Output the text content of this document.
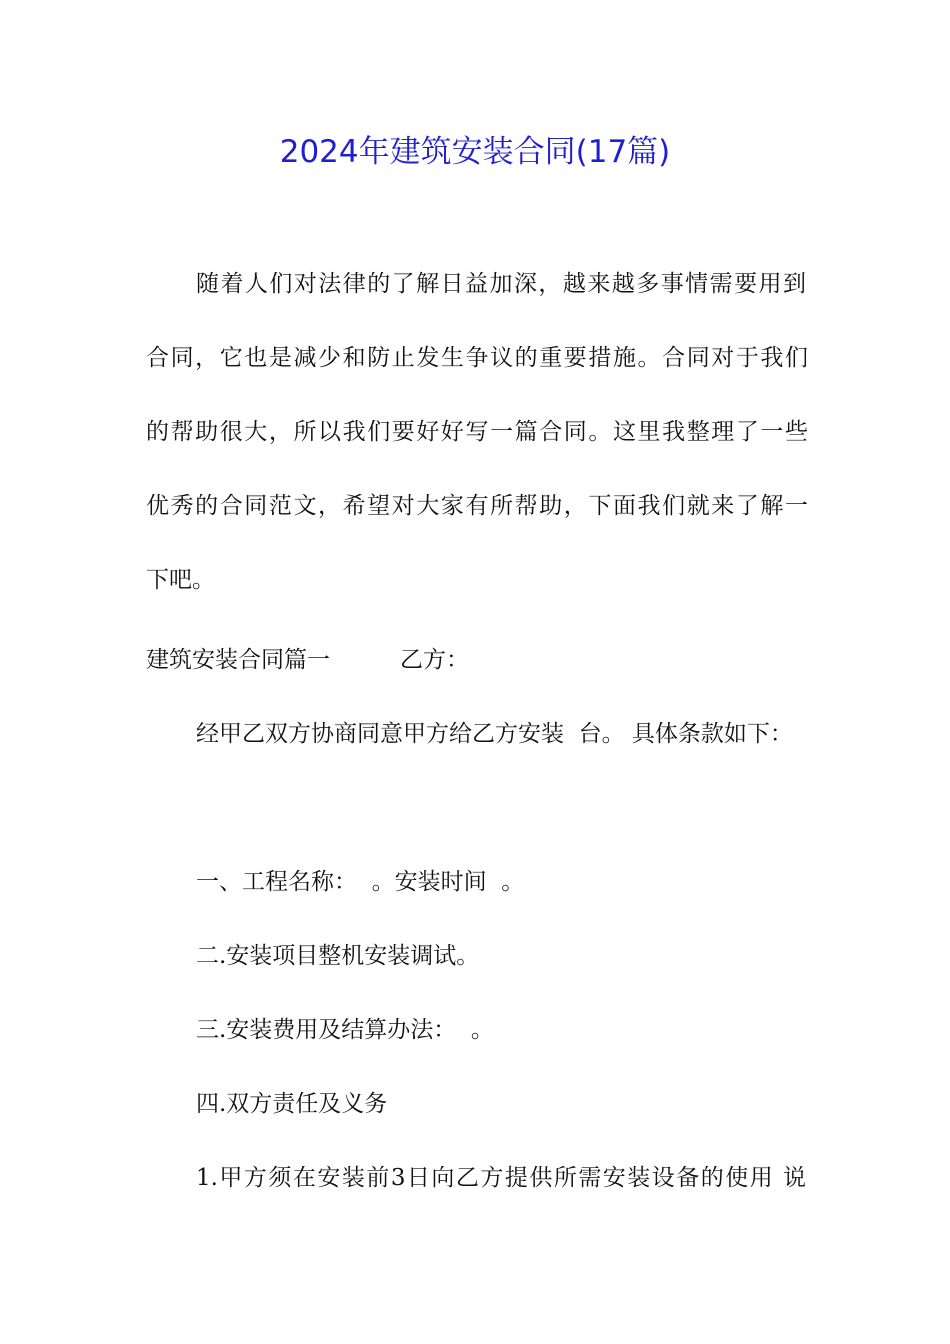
2024年建筑安装合同(17篇)

随着人们对法律的了解日益加深，越来越多事情需要用到

合同，它也是减少和防止发生争议的重要措施。合同对于我们

的帮助很大，所以我们要好好写一篇合同。这里我整理了一些

优秀的合同范文，希望对大家有所帮助，下面我们就来了解一

下吧。

建筑安装合同篇一	乙方：

经甲乙双方协商同意甲方给乙方安装  台。 具体条款如下：

一、工程名称：  。安装时间  。

二.安装项目整机安装调试。

三.安装费用及结算办法：  。

四.双方责任及义务

1.甲方须在安装前3日向乙方提供所需安装设备的使用 说
